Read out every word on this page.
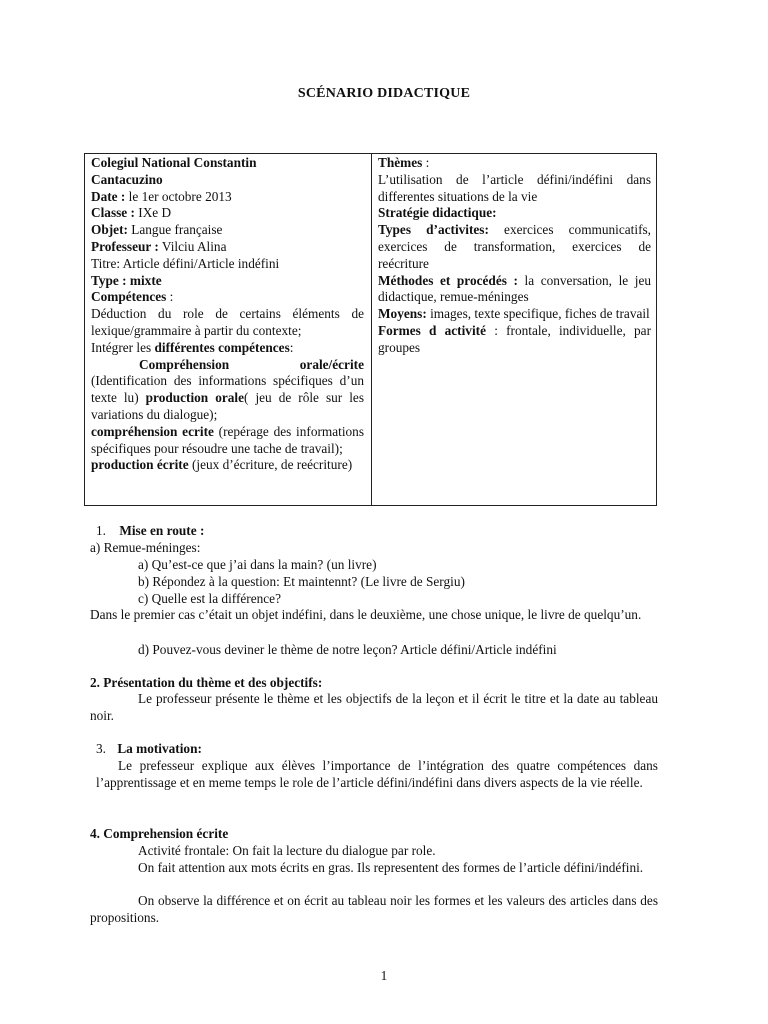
SCÉNARIO DIDACTIQUE
Colegiul National Constantin
Cantacuzino
Date : le 1er octobre 2013
Classe : IXe D
Objet: Langue française
Professeur : Vilciu Alina
Titre: Article défini/Article indéfini
Type : mixte
Compétences :
Déduction du role de certains éléments de lexique/grammaire à partir du contexte;
Intégrer les différentes compétences:
Compréhension orale/écrite
(Identification des informations spécifiques d’un texte lu) production orale( jeu de rôle sur les variations du dialogue);
compréhension ecrite (repérage des informations spécifiques pour résoudre une tache de travail);
production écrite (jeux d’écriture, de reécriture)
Thèmes :
L’utilisation de l’article défini/indéfini dans differentes situations de la vie
Stratégie didactique:
Types d’activites: exercices communicatifs, exercices de transformation, exercices de reécriture
Méthodes et procédés : la conversation, le jeu didactique, remue-méninges
Moyens: images, texte specifique, fiches de travail
Formes d activité : frontale, individuelle, par groupes
1. Mise en route :
a) Remue-méninges:
a) Qu’est-ce que j’ai dans la main? (un livre)
b) Répondez à la question: Et maintennt? (Le livre de Sergiu)
c) Quelle est la différence?
Dans le premier cas c’était un objet indéfini, dans le deuxième, une chose unique, le livre de quelqu’un.
d) Pouvez-vous deviner le thème de notre leçon? Article défini/Article indéfini
2. Présentation du thème et des objectifs:
Le professeur présente le thème et les objectifs de la leçon et il écrit le titre et la date au tableau noir.
3. La motivation:
Le prefesseur explique aux élèves l’importance de l’intégration des quatre compétences dans l’apprentissage et en meme temps le role de l’article défini/indéfini dans divers aspects de la vie réelle.
4. Comprehension écrite
Activité frontale: On fait la lecture du dialogue par role.
On fait attention aux mots écrits en gras. Ils representent des formes de l’article défini/indéfini.
On observe la différence et on écrit au tableau noir les formes et les valeurs des articles dans des propositions.
1
